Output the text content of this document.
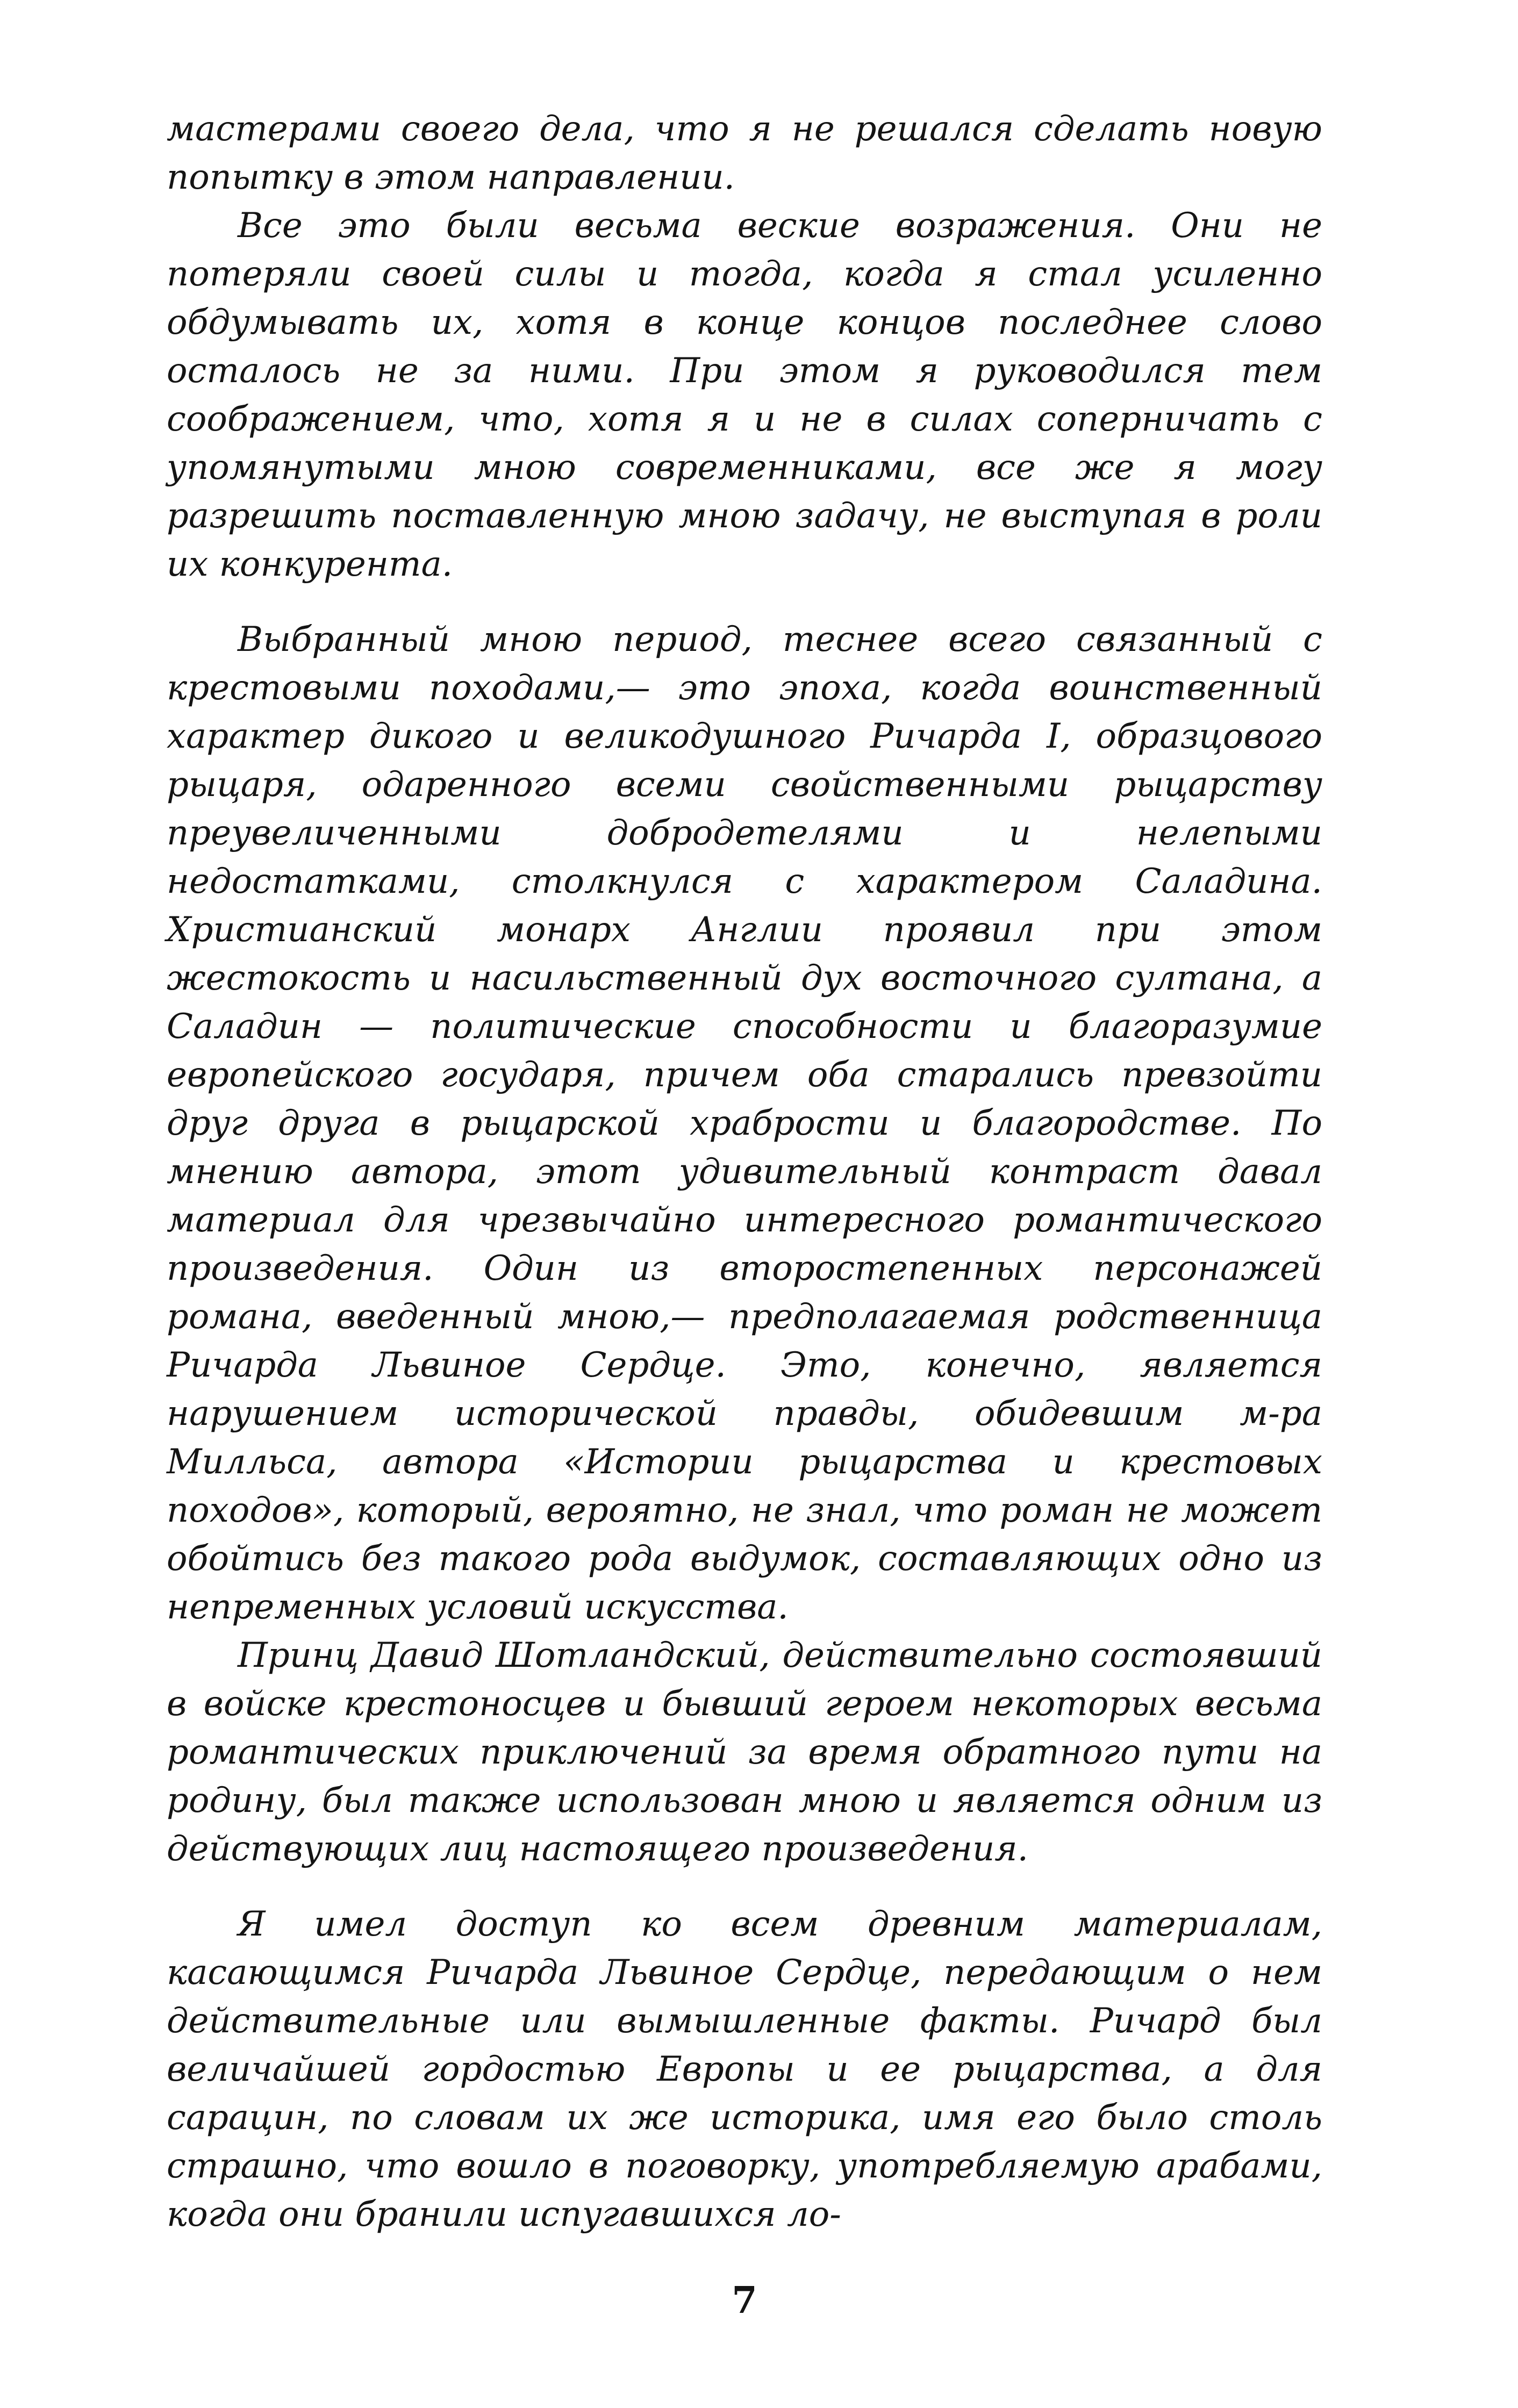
мастерами своего дела, что я не решался сделать новую попытку в этом направлении.

Все это были весьма веские возражения. Они не потеряли своей силы и тогда, когда я стал усиленно обдумывать их, хотя в конце концов последнее слово осталось не за ними. При этом я руководился тем соображением, что, хотя я и не в силах соперничать с упомянутыми мною современниками, все же я могу разрешить поставленную мною задачу, не выступая в роли их конкурента.

Выбранный мною период, теснее всего связанный с крестовыми походами,— это эпоха, когда воинственный характер дикого и великодушного Ричарда I, образцового рыцаря, одаренного всеми свойственными рыцарству преувеличенными добродетелями и нелепыми недостатками, столкнулся с характером Саладина. Христианский монарх Англии проявил при этом жестокость и насильственный дух восточного султана, а Саладин — политические способности и благоразумие европейского государя, причем оба старались превзойти друг друга в рыцарской храбрости и благородстве. По мнению автора, этот удивительный контраст давал материал для чрезвычайно интересного романтического произведения. Один из второстепенных персонажей романа, введенный мною,— предполагаемая родственница Ричарда Львиное Сердце. Это, конечно, является нарушением исторической правды, обидевшим м-ра Милльса, автора «Истории рыцарства и крестовых походов», который, вероятно, не знал, что роман не может обойтись без такого рода выдумок, составляющих одно из непременных условий искусства.

Принц Давид Шотландский, действительно состоявший в войске крестоносцев и бывший героем некоторых весьма романтических приключений за время обратного пути на родину, был также использован мною и является одним из действующих лиц настоящего произведения.

Я имел доступ ко всем древним материалам, касающимся Ричарда Львиное Сердце, передающим о нем действительные или вымышленные факты. Ричард был величайшей гордостью Европы и ее рыцарства, а для сарацин, по словам их же историка, имя его было столь страшно, что вошло в поговорку, употребляемую арабами, когда они бранили испугавшихся ло-

7
